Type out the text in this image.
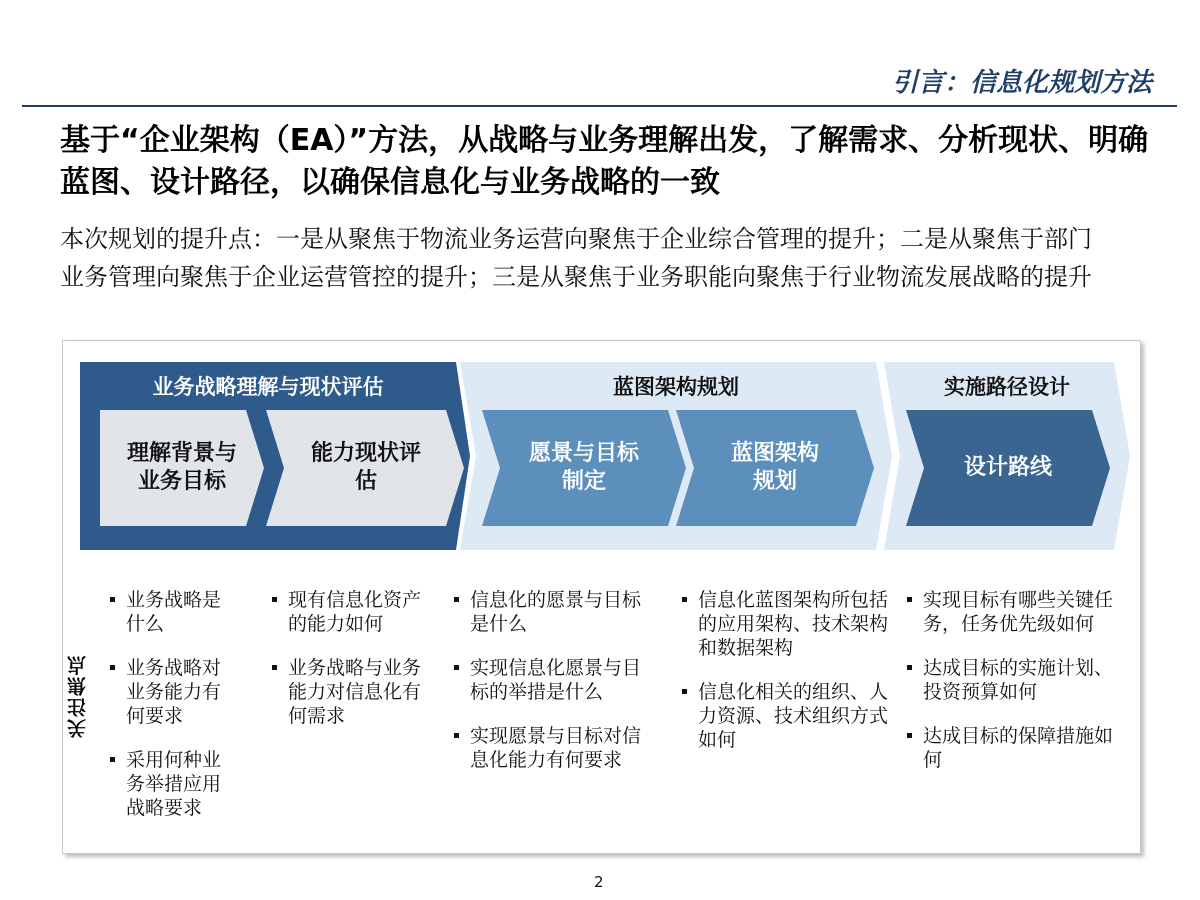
引言：信息化规划方法
基于“企业架构（EA）”方法，从战略与业务理解出发，了解需求、分析现状、明确蓝图、设计路径，以确保信息化与业务战略的一致
本次规划的提升点：一是从聚焦于物流业务运营向聚焦于企业综合管理的提升；二是从聚焦于部门业务管理向聚焦于企业运营管控的提升；三是从聚焦于业务职能向聚焦于行业物流发展战略的提升
业务战略理解与现状评估	蓝图架构规划	实施路径设计
理解背景与
业务目标
能力现状评
估
愿景与目标
制定
蓝图架构
规划
设计路线
关注焦点
业务战略是什么
业务战略对业务能力有何要求
采用何种业务举措应用战略要求
现有信息化资产的能力如何
业务战略与业务能力对信息化有何需求
信息化的愿景与目标是什么
实现信息化愿景与目标的举措是什么
实现愿景与目标对信息化能力有何要求
信息化蓝图架构所包括的应用架构、技术架构和数据架构
信息化相关的组织、人力资源、技术组织方式如何
实现目标有哪些关键任务，任务优先级如何
达成目标的实施计划、投资预算如何
达成目标的保障措施如何
2
